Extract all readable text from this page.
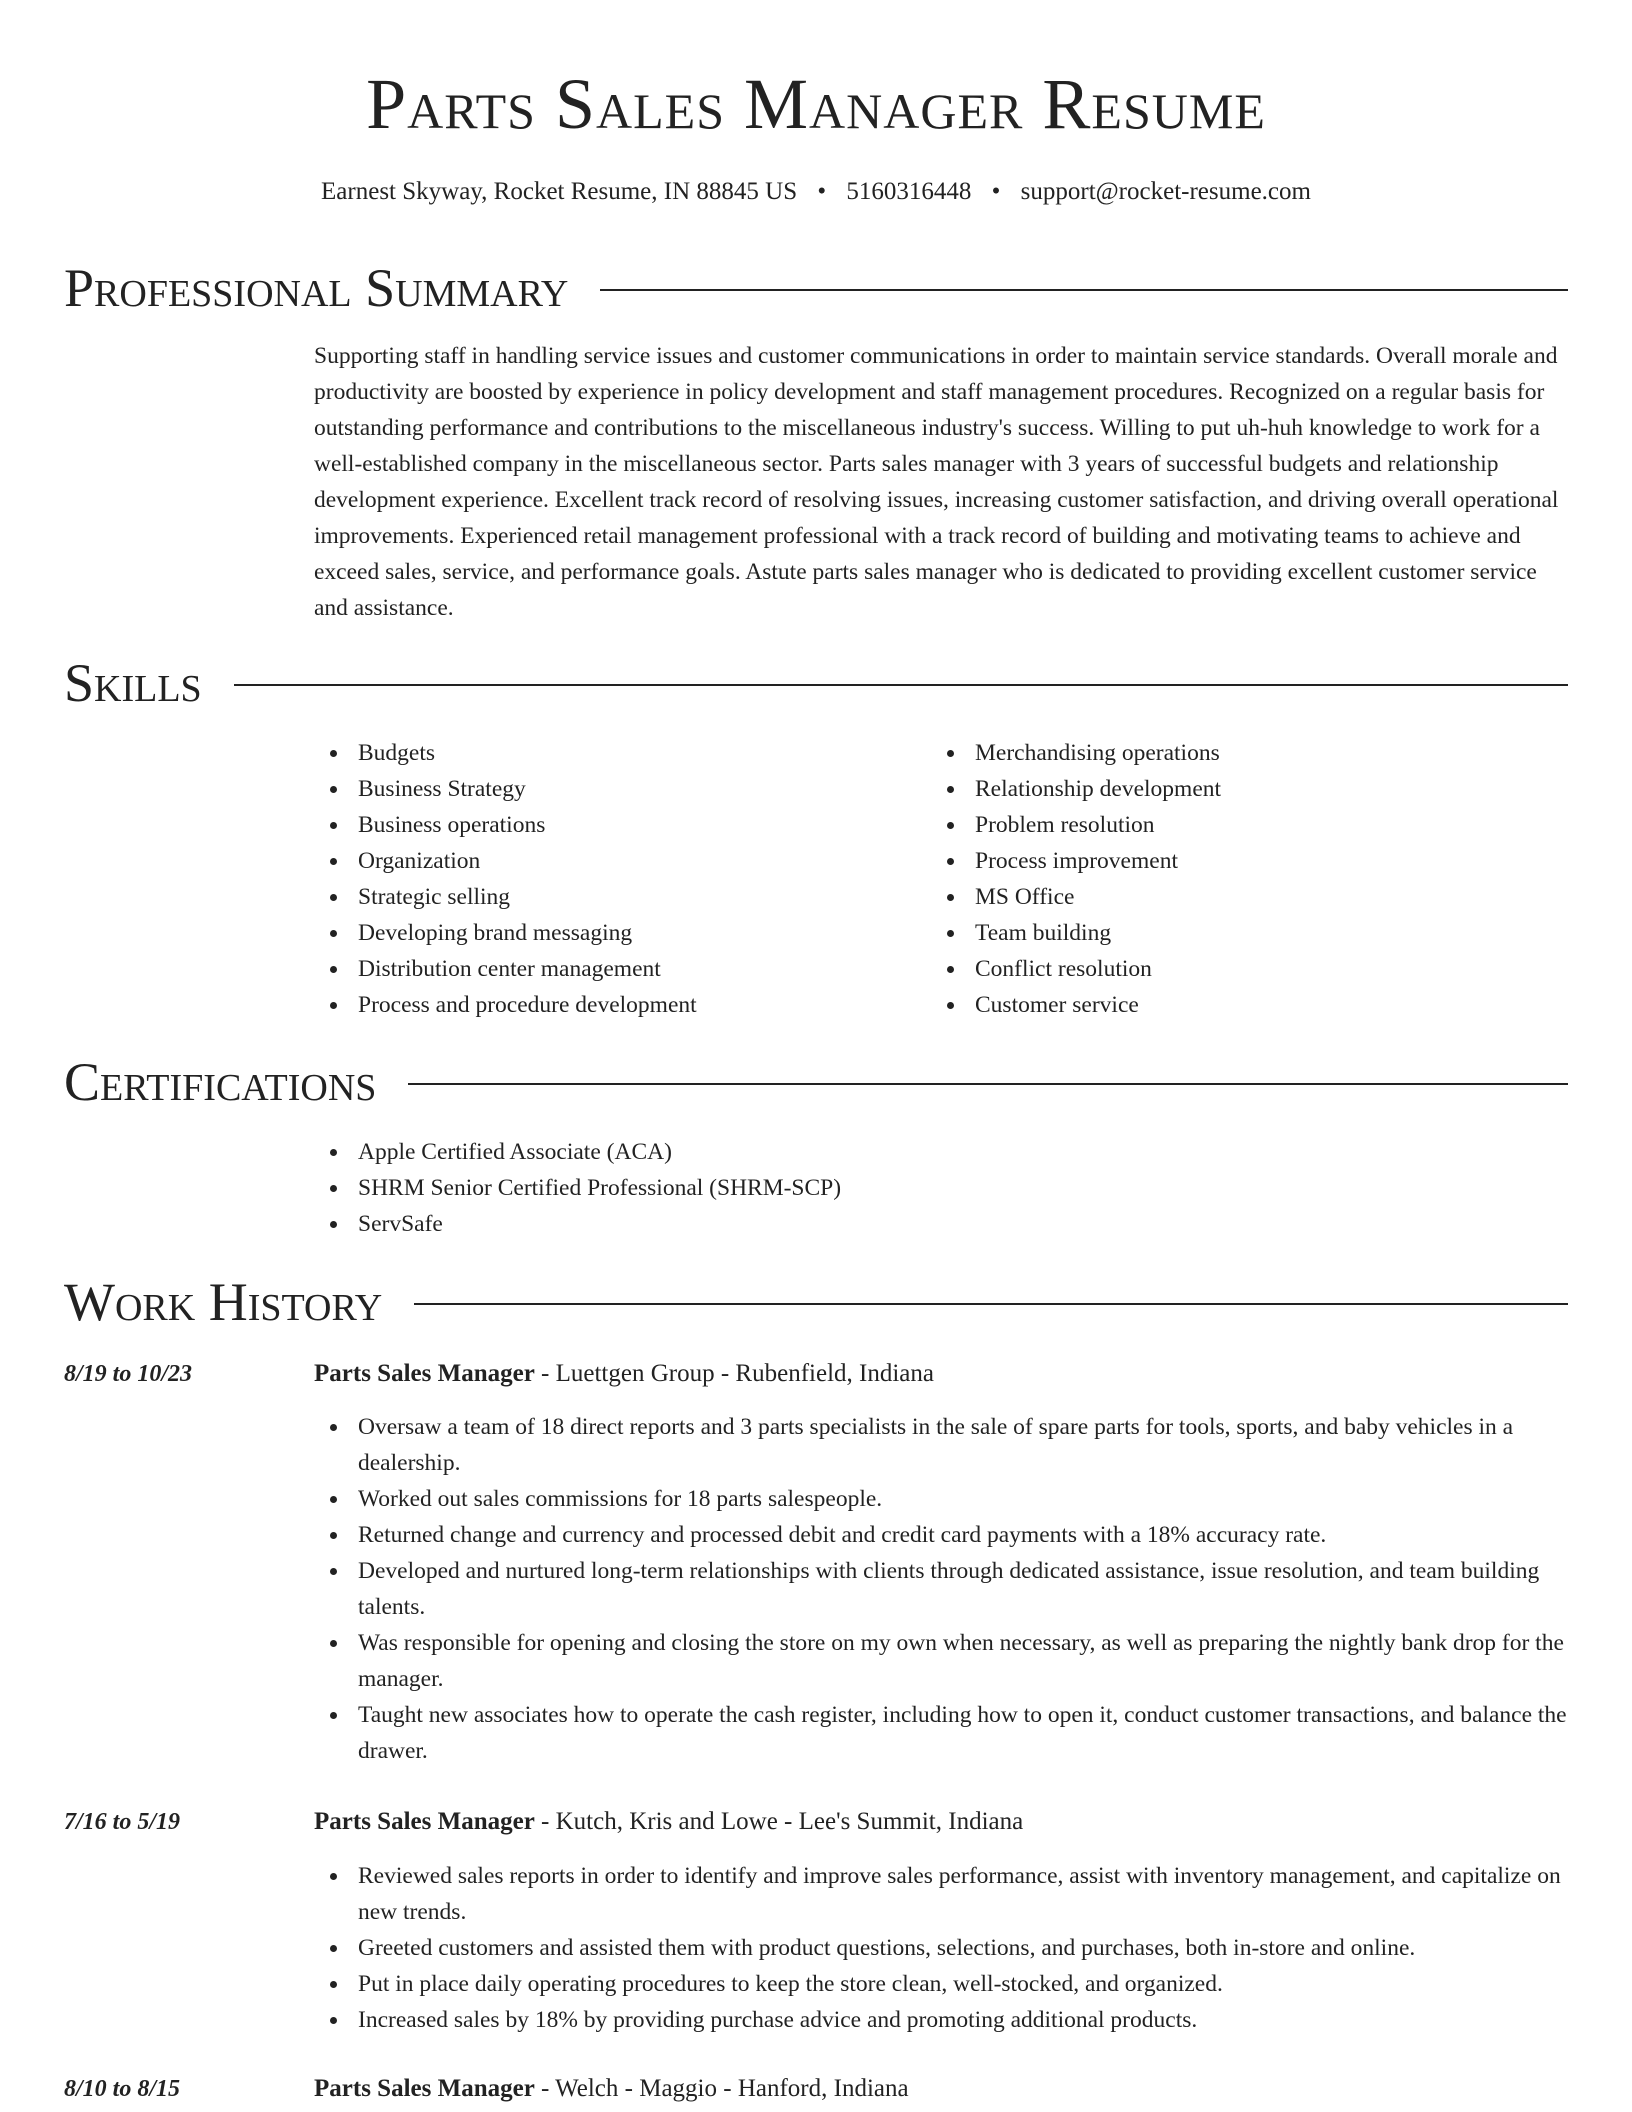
Parts Sales Manager Resume
Earnest Skyway, Rocket Resume, IN 88845 US • 5160316448 • support@rocket-resume.com
Professional Summary

Supporting staff in handling service issues and customer communications in order to maintain service standards. Overall morale and productivity are boosted by experience in policy development and staff management procedures. Recognized on a regular basis for outstanding performance and contributions to the miscellaneous industry's success. Willing to put uh-huh knowledge to work for a well-established company in the miscellaneous sector. Parts sales manager with 3 years of successful budgets and relationship development experience. Excellent track record of resolving issues, increasing customer satisfaction, and driving overall operational improvements. Experienced retail management professional with a track record of building and motivating teams to achieve and exceed sales, service, and performance goals. Astute parts sales manager who is dedicated to providing excellent customer service and assistance.

Skills
Budgets
Business Strategy
Business operations
Organization
Strategic selling
Developing brand messaging
Distribution center management
Process and procedure development
Merchandising operations
Relationship development
Problem resolution
Process improvement
MS Office
Team building
Conflict resolution
Customer service
Certifications
Apple Certified Associate (ACA)
SHRM Senior Certified Professional (SHRM-SCP)
ServSafe
Work History
8/19 to 10/23	Parts Sales Manager - Luettgen Group - Rubenfield, Indiana
Oversaw a team of 18 direct reports and 3 parts specialists in the sale of spare parts for tools, sports, and baby vehicles in a dealership.
Worked out sales commissions for 18 parts salespeople.
Returned change and currency and processed debit and credit card payments with a 18% accuracy rate.
Developed and nurtured long-term relationships with clients through dedicated assistance, issue resolution, and team building talents.
Was responsible for opening and closing the store on my own when necessary, as well as preparing the nightly bank drop for the manager.
Taught new associates how to operate the cash register, including how to open it, conduct customer transactions, and balance the drawer.
7/16 to 5/19	Parts Sales Manager - Kutch, Kris and Lowe - Lee's Summit, Indiana
Reviewed sales reports in order to identify and improve sales performance, assist with inventory management, and capitalize on new trends.
Greeted customers and assisted them with product questions, selections, and purchases, both in-store and online.
Put in place daily operating procedures to keep the store clean, well-stocked, and organized.
Increased sales by 18% by providing purchase advice and promoting additional products.
8/10 to 8/15	Parts Sales Manager - Welch - Maggio - Hanford, Indiana
